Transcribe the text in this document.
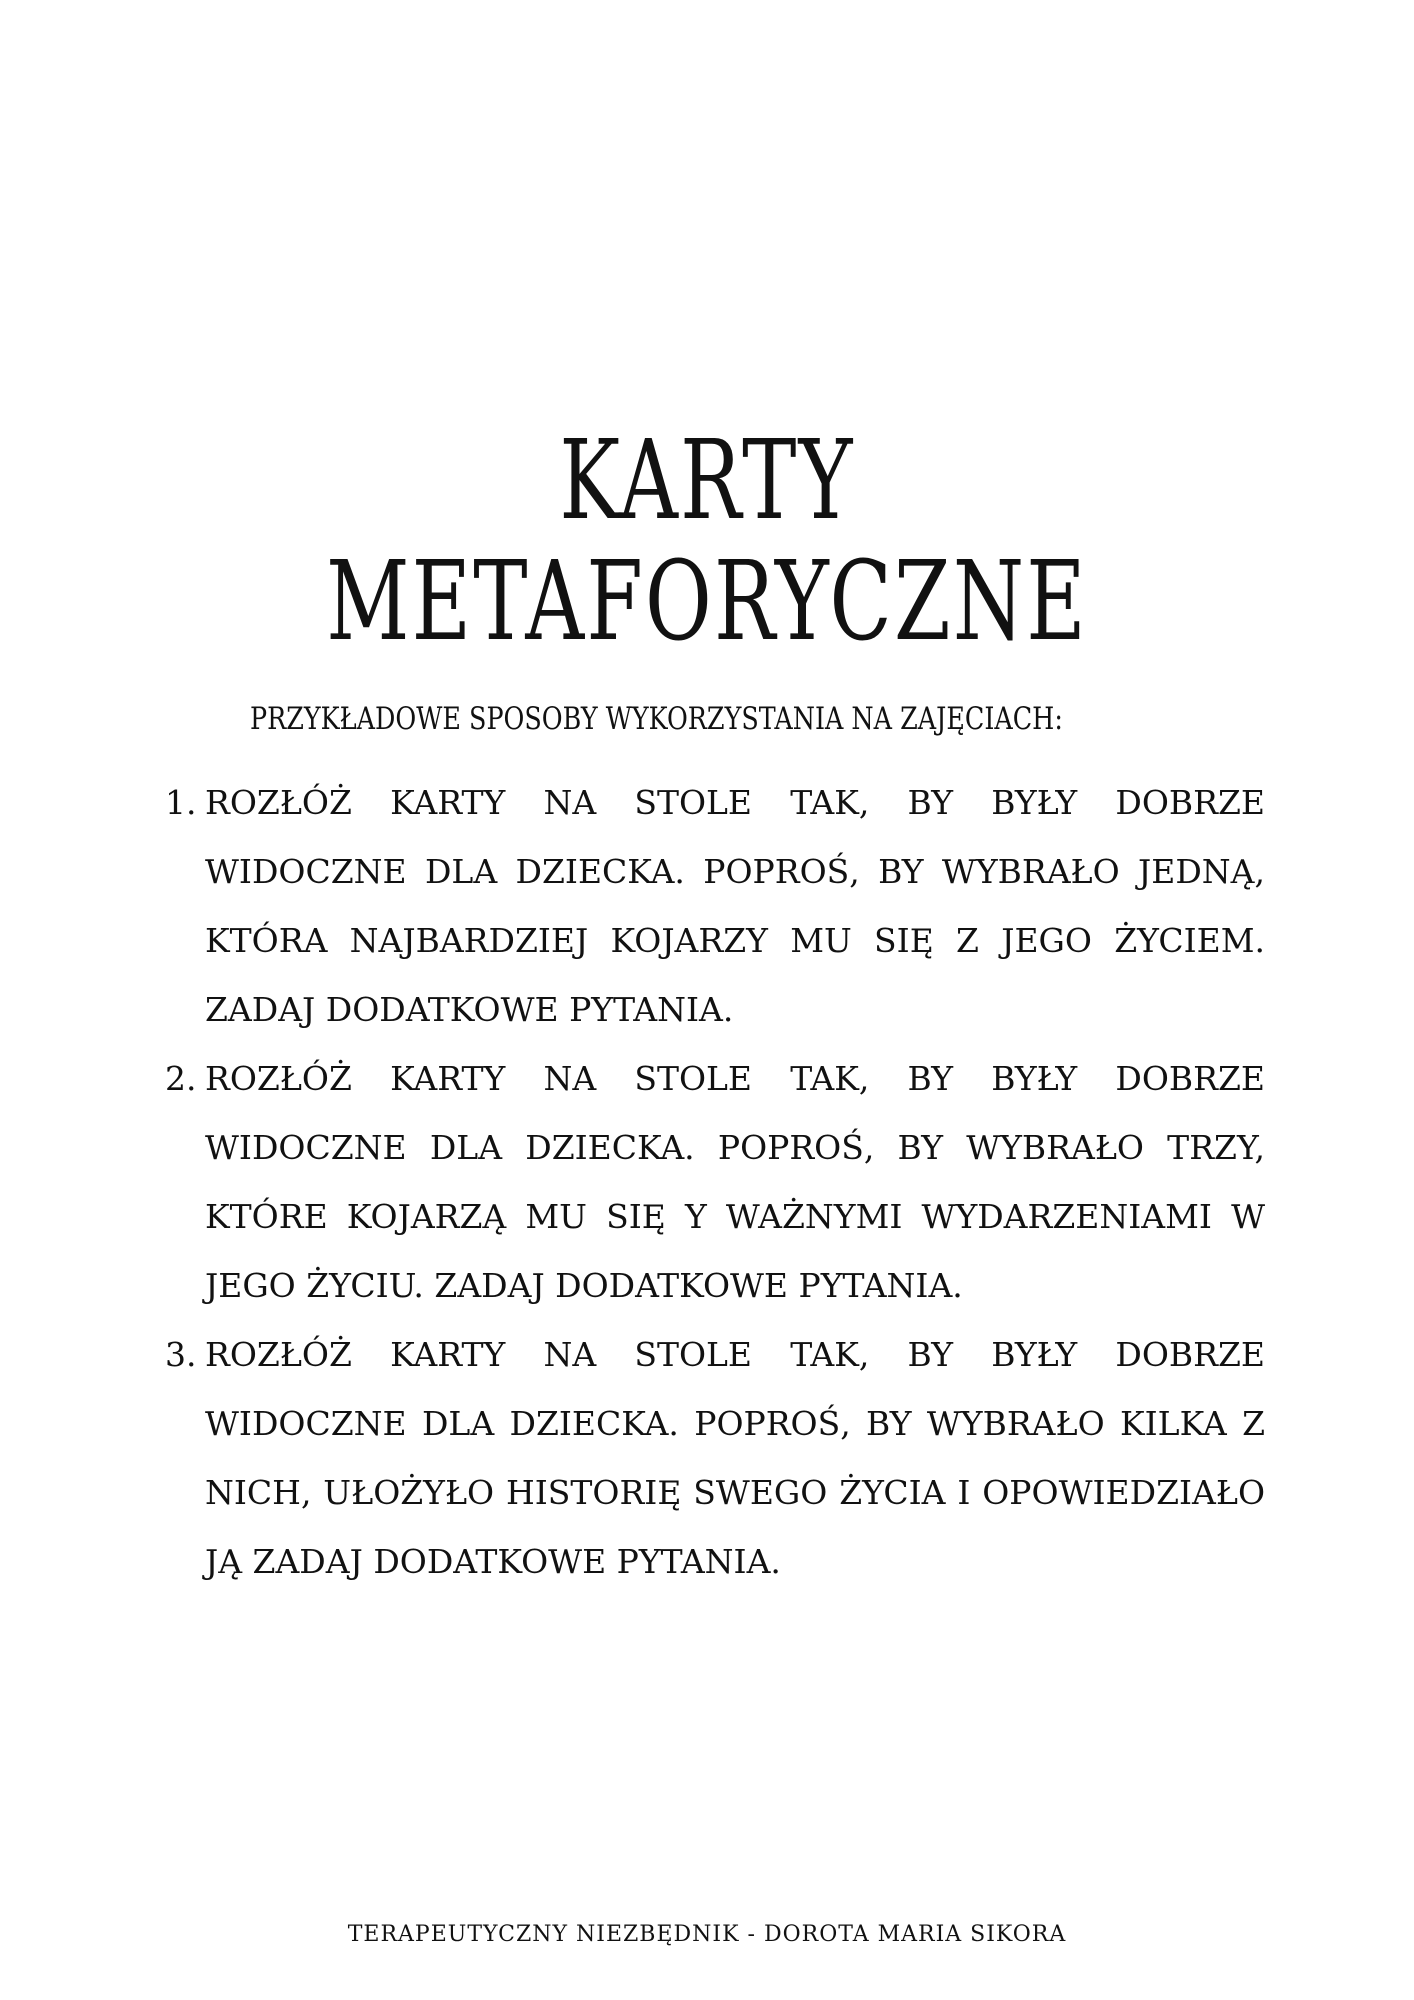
KARTY METAFORYCZNE
PRZYKŁADOWE SPOSOBY WYKORZYSTANIA NA ZAJĘCIACH:
1. ROZŁÓŻ KARTY NA STOLE TAK, BY BYŁY DOBRZE WIDOCZNE DLA DZIECKA. POPROŚ, BY WYBRAŁO JEDNĄ, KTÓRA NAJBARDZIEJ KOJARZY MU SIĘ Z JEGO ŻYCIEM. ZADAJ DODATKOWE PYTANIA.
2. ROZŁÓŻ KARTY NA STOLE TAK, BY BYŁY DOBRZE WIDOCZNE DLA DZIECKA. POPROŚ, BY WYBRAŁO TRZY, KTÓRE KOJARZĄ MU SIĘ Y WAŻNYMI WYDARZENIAMI W JEGO ŻYCIU. ZADAJ DODATKOWE PYTANIA.
3. ROZŁÓŻ KARTY NA STOLE TAK, BY BYŁY DOBRZE WIDOCZNE DLA DZIECKA. POPROŚ, BY WYBRAŁO KILKA Z NICH, UŁOŻYŁO HISTORIĘ SWEGO ŻYCIA I OPOWIEDZIAŁO JĄ ZADAJ DODATKOWE PYTANIA.
TERAPEUTYCZNY NIEZBĘDNIK - DOROTA MARIA SIKORA
